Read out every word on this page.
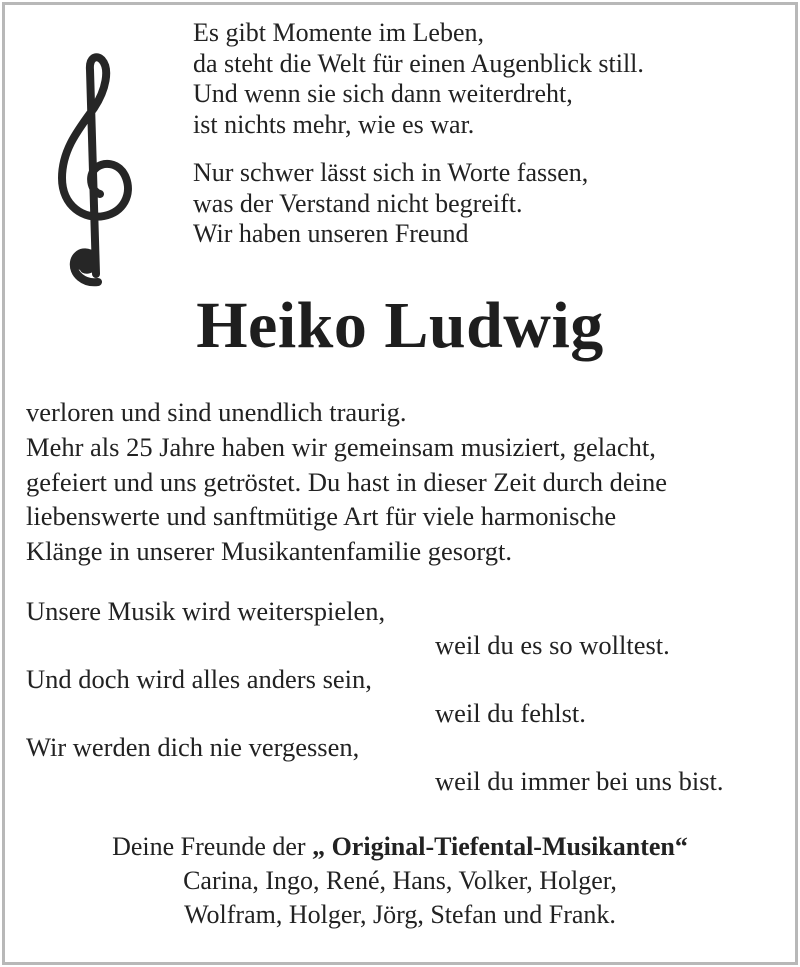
Es gibt Momente im Leben,

da steht die Welt für einen Augenblick still.

Und wenn sie sich dann weiterdreht,

ist nichts mehr, wie es war.

Nur schwer lässt sich in Worte fassen,

was der Verstand nicht begreift.

Wir haben unseren Freund

Heiko Ludwig

verloren und sind unendlich traurig.

Mehr als 25 Jahre haben wir gemeinsam musiziert, gelacht,

gefeiert und uns getröstet. Du hast in dieser Zeit durch deine

liebenswerte und sanftmütige Art für viele harmonische

Klänge in unserer Musikantenfamilie gesorgt.

Unsere Musik wird weiterspielen,

weil du es so wolltest.

Und doch wird alles anders sein,

weil du fehlst.

Wir werden dich nie vergessen,

weil du immer bei uns bist.

Deine Freunde der „ Original-Tiefental-Musikanten“

Carina, Ingo, René, Hans, Volker, Holger,

Wolfram, Holger, Jörg, Stefan und Frank.
